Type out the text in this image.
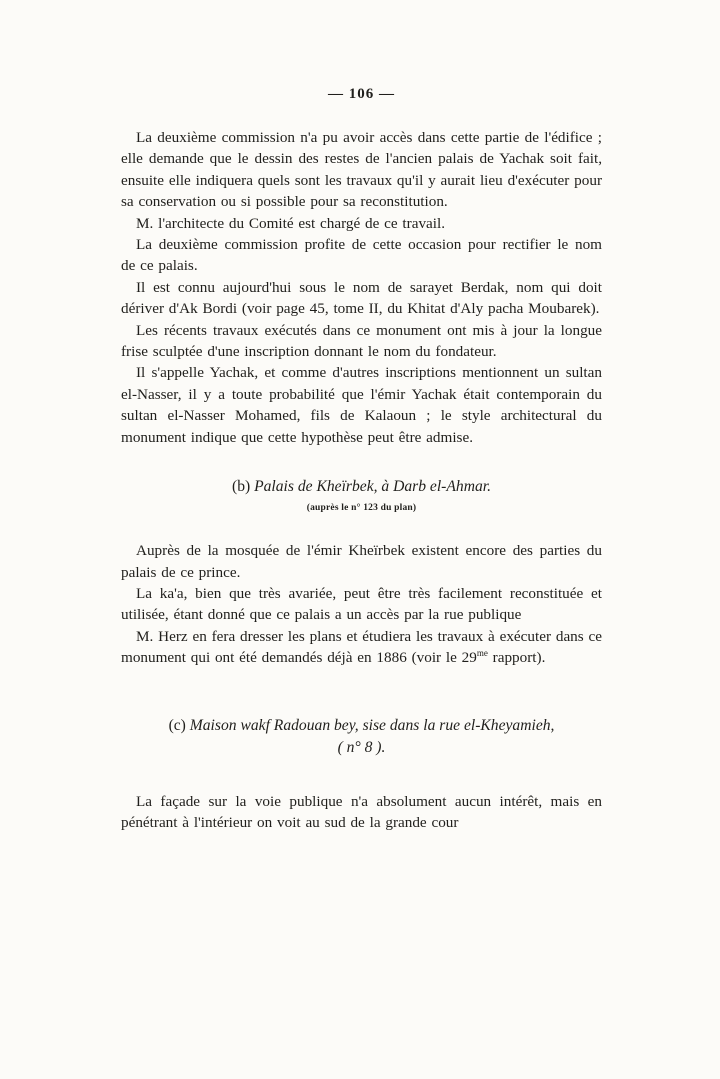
— 106 —

La deuxième commission n'a pu avoir accès dans cette partie de l'édifice ; elle demande que le dessin des restes de l'ancien palais de Yachak soit fait, ensuite elle indiquera quels sont les travaux qu'il y aurait lieu d'exécuter pour sa conservation ou si possible pour sa reconstitution.

M. l'architecte du Comité est chargé de ce travail.

La deuxième commission profite de cette occasion pour rectifier le nom de ce palais.

Il est connu aujourd'hui sous le nom de sarayet Berdak, nom qui doit dériver d'Ak Bordi (voir page 45, tome II, du Khitat d'Aly pacha Moubarek).

Les récents travaux exécutés dans ce monument ont mis à jour la longue frise sculptée d'une inscription donnant le nom du fondateur.

Il s'appelle Yachak, et comme d'autres inscriptions mentionnent un sultan el-Nasser, il y a toute probabilité que l'émir Yachak était contemporain du sultan el-Nasser Mohamed, fils de Kalaoun ; le style architectural du monument indique que cette hypothèse peut être admise.

(b) Palais de Kheïrbek, à Darb el-Ahmar.
(auprès le n° 123 du plan)

Auprès de la mosquée de l'émir Kheïrbek existent encore des parties du palais de ce prince.

La ka'a, bien que très avariée, peut être très facilement reconstituée et utilisée, étant donné que ce palais a un accès par la rue publique

M. Herz en fera dresser les plans et étudiera les travaux à exécuter dans ce monument qui ont été demandés déjà en 1886 (voir le $29^{me}$ rapport).

(c) Maison wakf Radouan bey, sise dans la rue el-Kheyamieh,
( n° 8 ).

La façade sur la voie publique n'a absolument aucun intérêt, mais en pénétrant à l'intérieur on voit au sud de la grande cour
